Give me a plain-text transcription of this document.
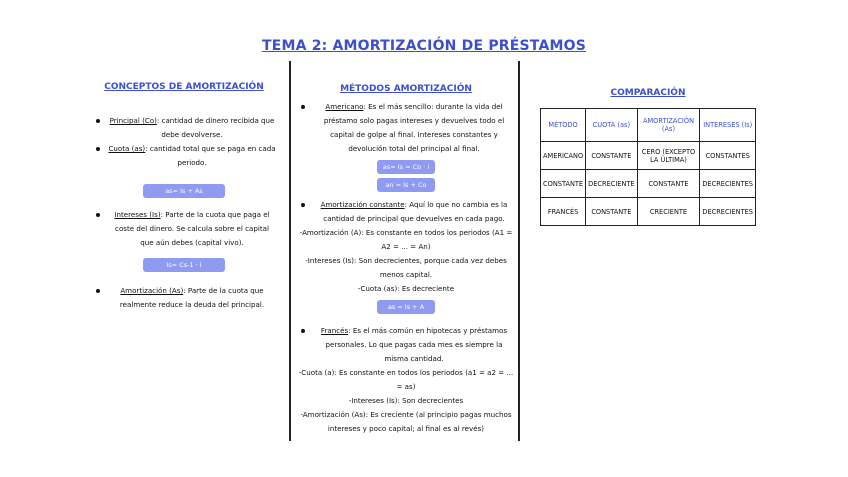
TEMA 2: AMORTIZACIÓN DE PRÉSTAMOS
CONCEPTOS DE AMORTIZACIÓN
Principal (Co): cantidad de dinero recibida que debe devolverse.
Cuota (as): cantidad total que se paga en cada periodo.
as= Is + As
Intereses (Is): Parte de la cuota que paga el coste del dinero. Se calcula sobre el capital que aún debes (capital vivo).
Is= Cs-1 · i
Amortización (As): Parte de la cuota que realmente reduce la deuda del principal.
MÉTODOS AMORTIZACIÓN
Americano: Es el más sencillo: durante la vida del préstamo solo pagas intereses y devuelves todo el capital de golpe al final. Intereses constantes y devolución total del principal al final.
as= Is = Co · i
an = Is + Co
Amortización constante: Aquí lo que no cambia es la cantidad de principal que devuelves en cada pago.
-Amortización (A): Es constante en todos los periodos (A1 = A2 = ... = An)
-Intereses (Is): Son decrecientes, porque cada vez debes menos capital.
-Cuota (as): Es decreciente
as = Is + A
Francés: Es el más común en hipotecas y préstamos personales. Lo que pagas cada mes es siempre la misma cantidad.
-Cuota (a): Es constante en todos los periodos (a1 = a2 = ... = as)
-Intereses (Is): Son decrecientes
-Amortización (As): Es creciente (al principio pagas muchos intereses y poco capital; al final es al revés)
COMPARACIÓN
MÉTODO	CUOTA (as)	AMORTIZACIÓN (As)	INTERESES (Is)
AMERICANO	CONSTANTE	CERO (EXCEPTO LA ÚLTIMA)	CONSTANTES
CONSTANTE	DECRECIENTE	CONSTANTE	DECRECIENTES
FRANCÉS	CONSTANTE	CRECIENTE	DECRECIENTES
